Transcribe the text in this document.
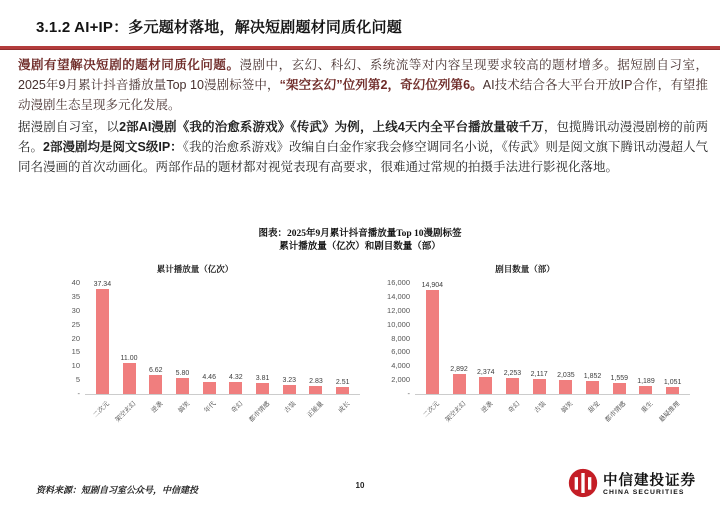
3.1.2 AI+IP：多元题材落地，解决短剧题材同质化问题
漫剧有望解决短剧的题材同质化问题。漫剧中，玄幻、科幻、系统流等对内容呈现要求较高的题材增多。据短剧自习室，2025年9月累计抖音播放量Top 10漫剧标签中，“架空玄幻”位列第2，奇幻位列第6。AI技术结合各大平台开放IP合作，有望推动漫剧生态呈现多元化发展。
据漫剧自习室，以2部AI漫剧《我的治愈系游戏》《传武》为例，上线4天内全平台播放量破千万，包揽腾讯动漫漫剧榜的前两名。2部漫剧均是阅文S级IP：《我的治愈系游戏》改编自白金作家我会修空调同名小说，《传武》则是阅文旗下腾讯动漫超人气同名漫画的首次动画化。两部作品的题材都对视觉表现有高要求，很难通过常规的拍摄手法进行影视化落地。
图表：2025年9月累计抖音播放量Top 10漫剧标签
累计播放量（亿次）和剧目数量（部）
累计播放量（亿次）
40
35
30
25
20
15
10
5
-
37.34
11.00
6.62 5.80
4.46 4.32 3.81 3.23 2.83 2.51
二次元 架空玄幻 逆袭 搞笑 年代 奇幻 都市情感 古装 正能量 成长
剧目数量（部）
16,000
14,000
12,000
10,000
8,000
6,000
4,000
2,000
-
14,904
2,892 2,374 2,253 2,117 2,035 1,852 1,559 1,189 1,051
二次元 架空玄幻 逆袭 奇幻 古装 搞笑 甜宠 都市情感 重生 悬疑推理
资料来源：短剧自习室公众号，中信建投	10	中信建投证券
CHINA SECURITIES
